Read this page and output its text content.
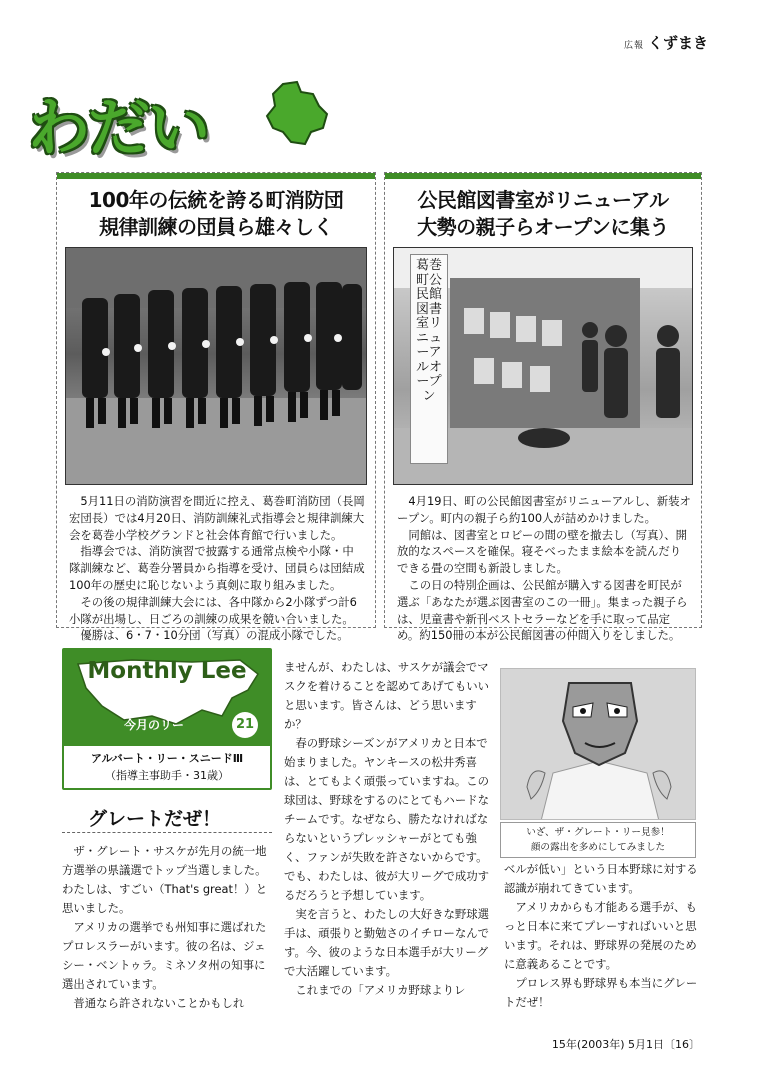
広報 くずまき
わだい
100年の伝統を誇る町消防団
規律訓練の団員ら雄々しく

5月11日の消防演習を間近に控え、葛巻町消防団（長岡宏団長）では4月20日、消防訓練礼式指導会と規律訓練大会を葛巻小学校グランドと社会体育館で行いました。

指導会では、消防演習で披露する通常点検や小隊・中隊訓練など、葛巻分署員から指導を受け、団員らは団結成100年の歴史に恥じないよう真剣に取り組みました。

その後の規律訓練大会には、各中隊から2小隊ずつ計6小隊が出場し、日ごろの訓練の成果を競い合いました。

優勝は、6・7・10分団（写真）の混成小隊でした。

公民館図書室がリニューアル
大勢の親子らオープンに集う
葛巻町公民館図書室リニューアルオープン

4月19日、町の公民館図書室がリニューアルし、新装オープン。町内の親子ら約100人が詰めかけました。

同館は、図書室とロビーの間の壁を撤去し（写真）、開放的なスペースを確保。寝そべったまま絵本を読んだりできる畳の空間も新設しました。

この日の特別企画は、公民館が購入する図書を町民が選ぶ「あなたが選ぶ図書室のこの一冊」。集まった親子らは、児童書や新刊ベストセラーなどを手に取って品定め。約150冊の本が公民館図書の仲間入りをしました。

Monthly Lee
今月のリー	21
アルバート・リー・スニードⅢ
（指導主事助手・31歳）
グレートだぜ！

ザ・グレート・サスケが先月の統一地方選挙の県議選でトップ当選しました。わたしは、すごい（That's great！）と思いました。

アメリカの選挙でも州知事に選ばれたプロレスラーがいます。彼の名は、ジェシー・ベントゥラ。ミネソタ州の知事に選出されています。

普通なら許されないことかもしれ

ませんが、わたしは、サスケが議会でマスクを着けることを認めてあげてもいいと思います。皆さんは、どう思いますか？

春の野球シーズンがアメリカと日本で始まりました。ヤンキースの松井秀喜は、とてもよく頑張っていますね。この球団は、野球をするのにとてもハードなチームです。なぜなら、勝たなければならないというプレッシャーがとても強く、ファンが失敗を許さないからです。でも、わたしは、彼が大リーグで成功するだろうと予想しています。

実を言うと、わたしの大好きな野球選手は、頑張りと勤勉さのイチローなんです。今、彼のような日本選手が大リーグで大活躍しています。

これまでの「アメリカ野球よりレ

いざ、ザ・グレート・リー見参！
顔の露出を多めにしてみました
ベルが低い」という日本野球に対する認識が崩れてきています。

アメリカからも才能ある選手が、もっと日本に来てプレーすればいいと思います。それは、野球界の発展のために意義あることです。

プロレス界も野球界も本当にグレートだぜ！

15年(2003年) 5月1日〔16〕
